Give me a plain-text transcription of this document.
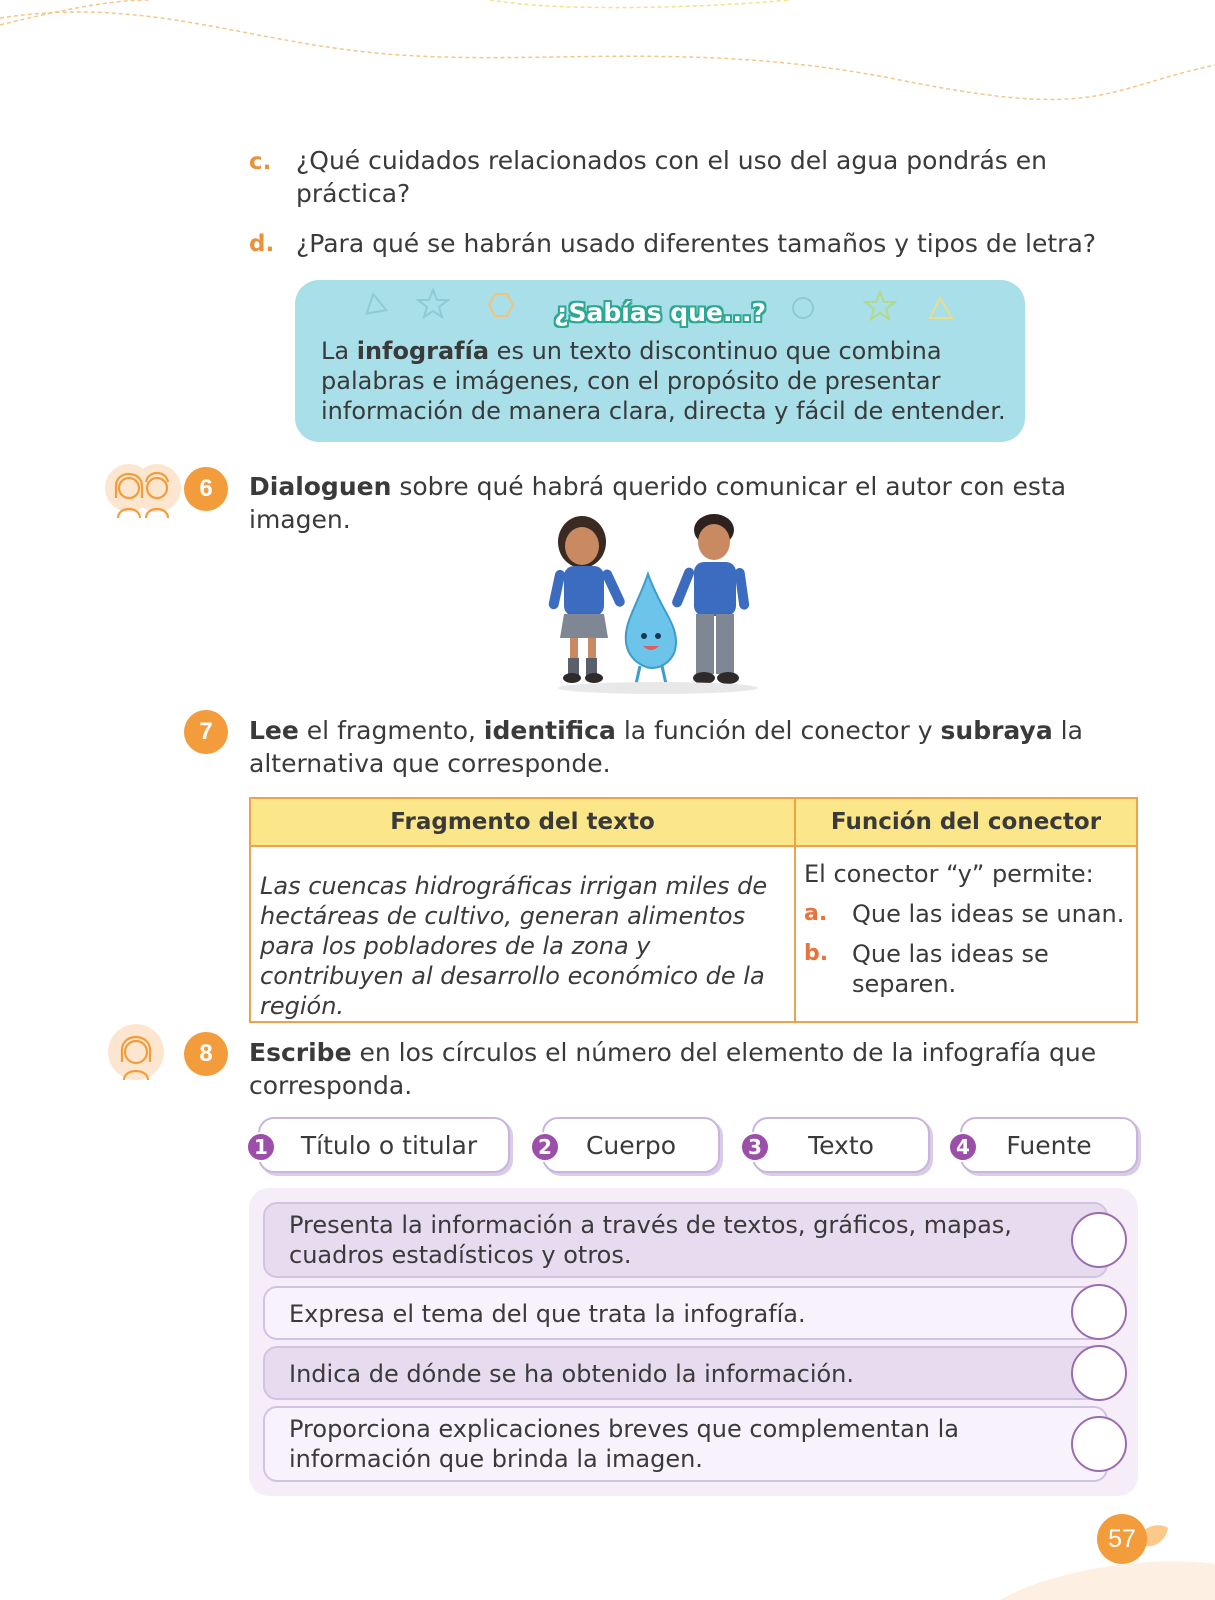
c. ¿Qué cuidados relacionados con el uso del agua pondrás en práctica?
d. ¿Para qué se habrán usado diferentes tamaños y tipos de letra?
¿Sabías que...?
La infografía es un texto discontinuo que combina palabras e imágenes, con el propósito de presentar información de manera clara, directa y fácil de entender.
6	Dialoguen sobre qué habrá querido comunicar el autor con esta imagen.
7	Lee el fragmento, identifica la función del conector y subraya la alternativa que corresponde.
Fragmento del texto	Función del conector
Las cuencas hidrográficas irrigan miles de hectáreas de cultivo, generan alimentos para los pobladores de la zona y contribuyen al desarrollo económico de la región.	El conector “y” permite:
a. Que las ideas se unan.
b. Que las ideas se separen.
8	Escribe en los círculos el número del elemento de la infografía que corresponda.
1	Título o titular	2	Cuerpo	3	Texto	4	Fuente
Presenta la información a través de textos, gráficos, mapas, cuadros estadísticos y otros.
Expresa el tema del que trata la infografía.
Indica de dónde se ha obtenido la información.
Proporciona explicaciones breves que complementan la información que brinda la imagen.
57
